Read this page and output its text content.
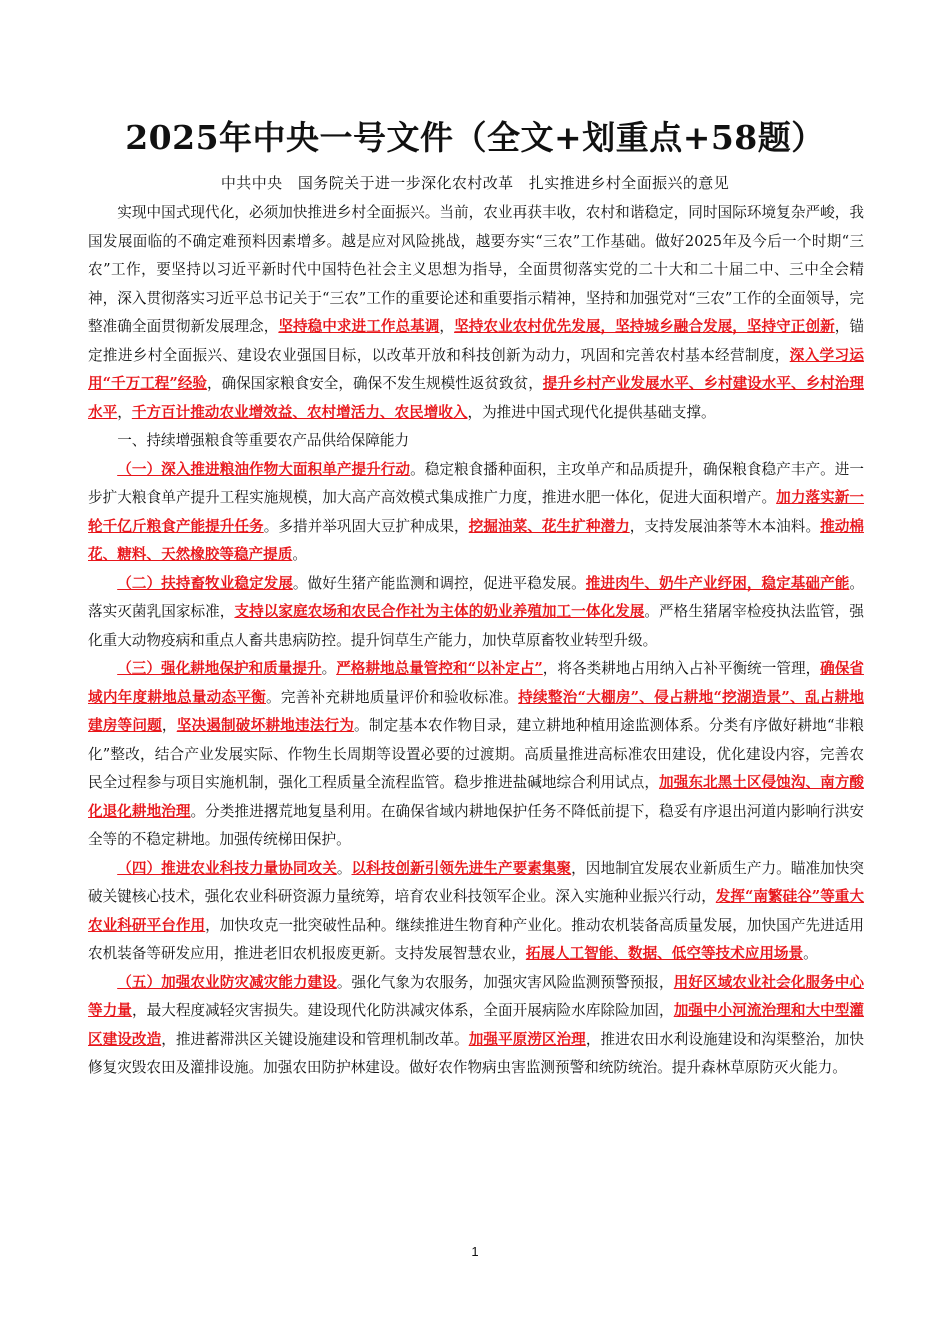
2025年中央一号文件（全文+划重点+58题）
中共中央　国务院关于进一步深化农村改革　扎实推进乡村全面振兴的意见

实现中国式现代化，必须加快推进乡村全面振兴。当前，农业再获丰收，农村和谐稳定，同时国际环境复杂严峻，我国发展面临的不确定难预料因素增多。越是应对风险挑战，越要夯实“三农”工作基础。做好2025年及今后一个时期“三农”工作，要坚持以习近平新时代中国特色社会主义思想为指导，全面贯彻落实党的二十大和二十届二中、三中全会精神，深入贯彻落实习近平总书记关于“三农”工作的重要论述和重要指示精神，坚持和加强党对“三农”工作的全面领导，完整准确全面贯彻新发展理念，坚持稳中求进工作总基调，坚持农业农村优先发展，坚持城乡融合发展，坚持守正创新，锚定推进乡村全面振兴、建设农业强国目标，以改革开放和科技创新为动力，巩固和完善农村基本经营制度，深入学习运用“千万工程”经验，确保国家粮食安全，确保不发生规模性返贫致贫，提升乡村产业发展水平、乡村建设水平、乡村治理水平，千方百计推动农业增效益、农村增活力、农民增收入，为推进中国式现代化提供基础支撑。

一、持续增强粮食等重要农产品供给保障能力

（一）深入推进粮油作物大面积单产提升行动。稳定粮食播种面积，主攻单产和品质提升，确保粮食稳产丰产。进一步扩大粮食单产提升工程实施规模，加大高产高效模式集成推广力度，推进水肥一体化，促进大面积增产。加力落实新一轮千亿斤粮食产能提升任务。多措并举巩固大豆扩种成果，挖掘油菜、花生扩种潜力，支持发展油茶等木本油料。推动棉花、糖料、天然橡胶等稳产提质。

（二）扶持畜牧业稳定发展。做好生猪产能监测和调控，促进平稳发展。推进肉牛、奶牛产业纾困，稳定基础产能。落实灭菌乳国家标准，支持以家庭农场和农民合作社为主体的奶业养殖加工一体化发展。严格生猪屠宰检疫执法监管，强化重大动物疫病和重点人畜共患病防控。提升饲草生产能力，加快草原畜牧业转型升级。

（三）强化耕地保护和质量提升。严格耕地总量管控和“以补定占”，将各类耕地占用纳入占补平衡统一管理，确保省域内年度耕地总量动态平衡。完善补充耕地质量评价和验收标准。持续整治“大棚房”、侵占耕地“挖湖造景”、乱占耕地建房等问题，坚决遏制破坏耕地违法行为。制定基本农作物目录，建立耕地种植用途监测体系。分类有序做好耕地“非粮化”整改，结合产业发展实际、作物生长周期等设置必要的过渡期。高质量推进高标准农田建设，优化建设内容，完善农民全过程参与项目实施机制，强化工程质量全流程监管。稳步推进盐碱地综合利用试点，加强东北黑土区侵蚀沟、南方酸化退化耕地治理。分类推进撂荒地复垦利用。在确保省域内耕地保护任务不降低前提下，稳妥有序退出河道内影响行洪安全等的不稳定耕地。加强传统梯田保护。

（四）推进农业科技力量协同攻关。以科技创新引领先进生产要素集聚，因地制宜发展农业新质生产力。瞄准加快突破关键核心技术，强化农业科研资源力量统筹，培育农业科技领军企业。深入实施种业振兴行动，发挥“南繁硅谷”等重大农业科研平台作用，加快攻克一批突破性品种。继续推进生物育种产业化。推动农机装备高质量发展，加快国产先进适用农机装备等研发应用，推进老旧农机报废更新。支持发展智慧农业，拓展人工智能、数据、低空等技术应用场景。

（五）加强农业防灾减灾能力建设。强化气象为农服务，加强灾害风险监测预警预报，用好区域农业社会化服务中心等力量，最大程度减轻灾害损失。建设现代化防洪减灾体系，全面开展病险水库除险加固，加强中小河流治理和大中型灌区建设改造，推进蓄滞洪区关键设施建设和管理机制改革。加强平原涝区治理，推进农田水利设施建设和沟渠整治，加快修复灾毁农田及灌排设施。加强农田防护林建设。做好农作物病虫害监测预警和统防统治。提升森林草原防灭火能力。

1
